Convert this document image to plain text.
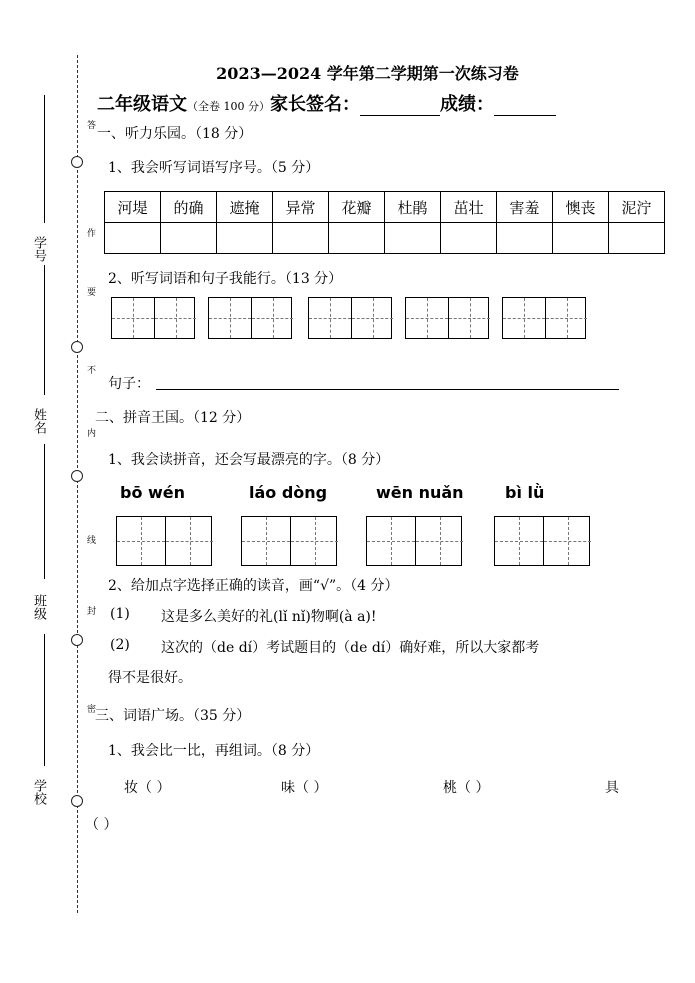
答
作
要
不
内
线
封
密
学号
姓名
班级
学校
2023—2024 学年第二学期第一次练习卷
二年级语文（全卷 100 分）家长签名：	成绩：
一、听力乐园。（18 分）
1、我会听写词语写序号。（5 分）
河堤	的确	遮掩	异常	花瓣	杜鹃	茁壮	害羞	懊丧	泥泞

2、听写词语和句子我能行。（13 分）
句子：
二、拼音王国。（12 分）
1、我会读拼音，还会写最漂亮的字。（8 分）
bō wén	láo dòng	wēn nuǎn	bì lǜ
2、给加点字选择正确的读音，画“√”。（4 分）
(1) 这是多么美好的礼(lǐ nǐ)物啊(à a)!
(2) 这次的（de dí）考试题目的（de dí）确好难，所以大家都考
得不是很好。
三、词语广场。（35 分）
1、我会比一比，再组词。（8 分）
妆（ ）	味（ ）	桃（ ）	具
（ ）
